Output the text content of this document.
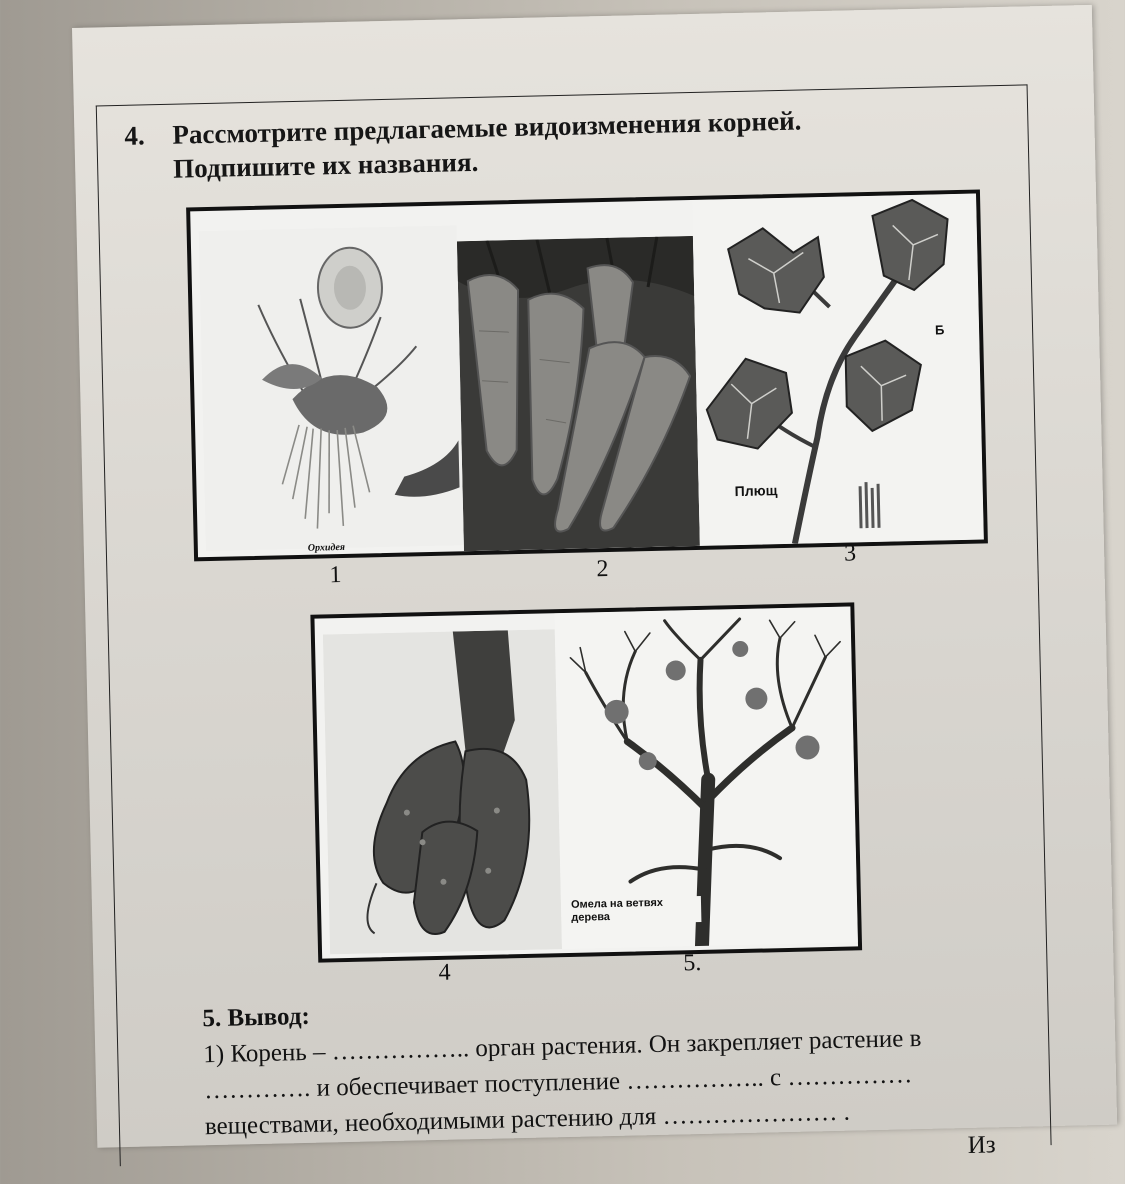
4. Рассмотрите предлагаемые видоизменения корней. Подпишите их названия.
Орхидея
Плющ
Б
1	2
3
Омела на ветвях дерева
4	5.
5. Вывод:
1) Корень – …………….. орган растения. Он закрепляет растение в
…………. и обеспечивает поступление …………….. с ……………
веществами, необходимыми растению для ………………… .
Из
